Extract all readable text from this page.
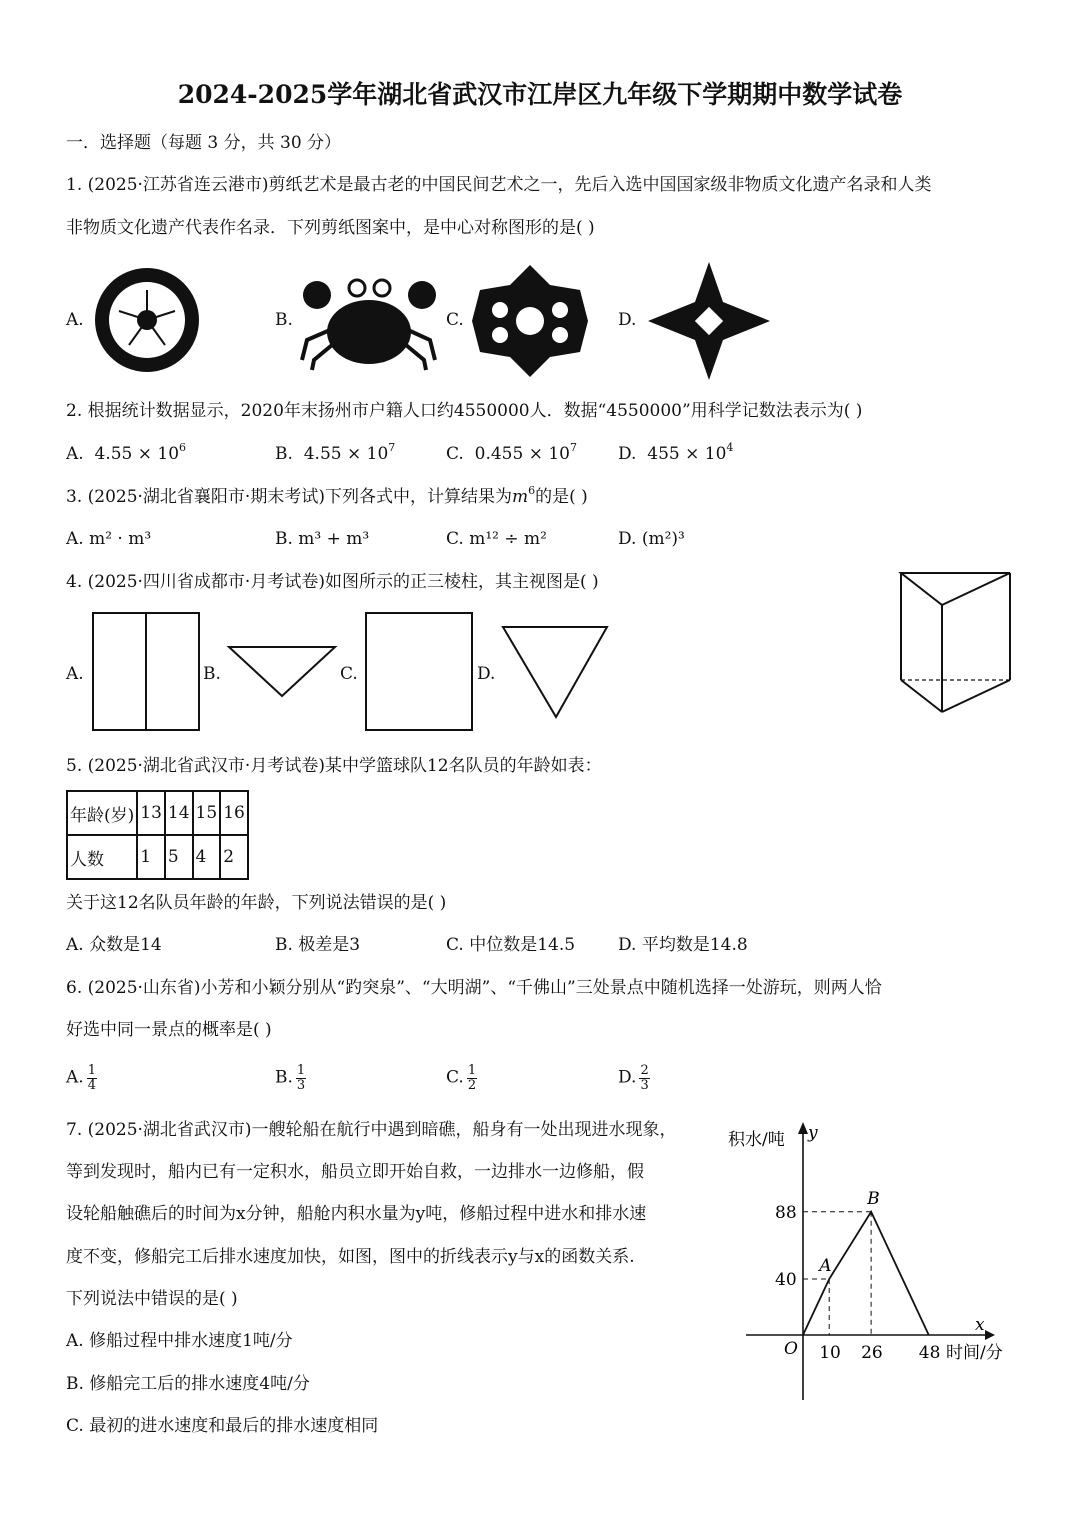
2024-2025学年湖北省武汉市江岸区九年级下学期期中数学试卷
一．选择题（每题 3 分，共 30 分）
1. (2025·江苏省连云港市)剪纸艺术是最古老的中国民间艺术之一，先后入选中国国家级非物质文化遗产名录和人类
非物质文化遗产代表作名录．下列剪纸图案中，是中心对称图形的是( )
A.	B.	C.	D.
2. 根据统计数据显示，2020年末扬州市户籍人口约4550000人．数据“4550000”用科学记数法表示为( )
A. $4.55 \times 10^6$	B. $4.55 \times 10^7$	C. $0.455 \times 10^7$ D. $455 \times 10^4$
3. (2025·湖北省襄阳市·期末考试)下列各式中，计算结果为$m^6$的是( )
A. m² · m³	B. m³ + m³	C. m¹² ÷ m²	D. (m²)³
4. (2025·四川省成都市·月考试卷)如图所示的正三棱柱，其主视图是( )
A.	B.	C.	D.
5. (2025·湖北省武汉市·月考试卷)某中学篮球队12名队员的年龄如表：
年龄(岁)	13	14	15	16
人数	1	5	4	2
关于这12名队员年龄的年龄，下列说法错误的是( )
A. 众数是14	B. 极差是3	C. 中位数是14.5	D. 平均数是14.8
6. (2025·山东省)小芳和小颖分别从“趵突泉”、“大明湖”、“千佛山”三处景点中随机选择一处游玩，则两人恰
好选中同一景点的概率是( )
A. $\frac{1}{4}$	B. $\frac{1}{3}$	C. $\frac{1}{2}$	D. $\frac{2}{3}$
7. (2025·湖北省武汉市)一艘轮船在航行中遇到暗礁，船身有一处出现进水现象，
等到发现时，船内已有一定积水，船员立即开始自救，一边排水一边修船，假
设轮船触礁后的时间为x分钟，船舱内积水量为y吨，修船过程中进水和排水速
度不变，修船完工后排水速度加快，如图，图中的折线表示y与x的函数关系.
下列说法中错误的是( )
A. 修船过程中排水速度1吨/分
B. 修船完工后的排水速度4吨/分
C. 最初的进水速度和最后的排水速度相同
积水/吨 y
x
时间/分
O
A
40
B
88
10 26 48
